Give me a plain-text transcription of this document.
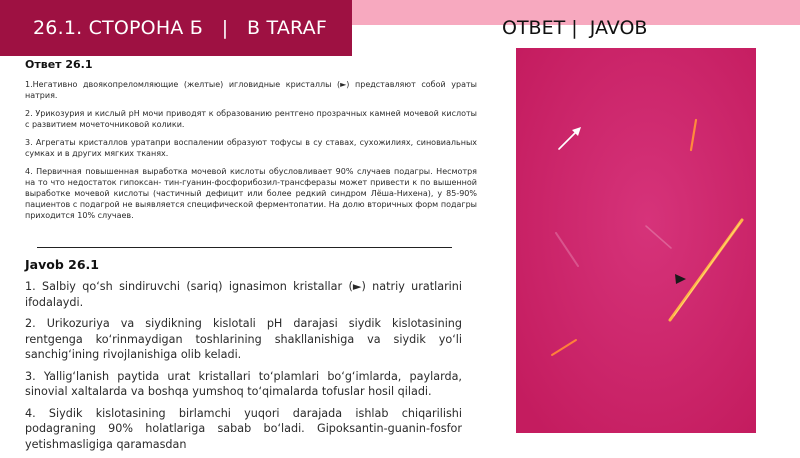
26.1. СТОРОНА Б   |   B TARAF	ОТВЕТ |  JAVOB
Ответ 26.1

1.Негативно двоякопреломляющие (желтые) игловидные кристаллы (►) представляют собой ураты натрия.

2. Урикозурия и кислый pH мочи приводят к образованию рентгено прозрачных камней мочевой кислоты с развитием мочеточниковой колики.

3. Агрегаты кристаллов уратапри воспалении образуют тофусы в су ставах, сухожилиях, синовиальных сумках и в других мягких тканях.

4. Первичная повышенная выработка мочевой кислоты обусловливает 90% случаев подагры. Несмотря на то что недостаток гипоксан- тин-гуанин-фосфорибозил-трансферазы может привести к по вышенной выработке мочевой кислоты (частичный дефицит или более редкий синдром Лёша-Нихена), у 85-90% пациентов с подагрой не выявляется специфической ферментопатии. На долю вторичных форм подагры приходится 10% случаев.

Javob 26.1

1. Salbiy qo‘sh sindiruvchi (sariq) ignasimon kristallar (►) natriy uratlarini ifodalaydi.

2. Urikozuriya va siydikning kislotali pH darajasi siydik kislotasining rentgenga ko‘rinmaydigan toshlarining shakllanishiga va siydik yo‘li sanchig‘ining rivojlanishiga olib keladi.

3. Yallig‘lanish paytida urat kristallari to‘plamlari bo‘g‘imlarda, paylarda, sinovial xaltalarda va boshqa yumshoq to‘qimalarda tofuslar hosil qiladi.

4. Siydik kislotasining birlamchi yuqori darajada ishlab chiqarilishi podagraning 90% holatlariga sabab bo‘ladi. Gipoksantin-guanin-fosfor yetishmasligiga qaramasdan
